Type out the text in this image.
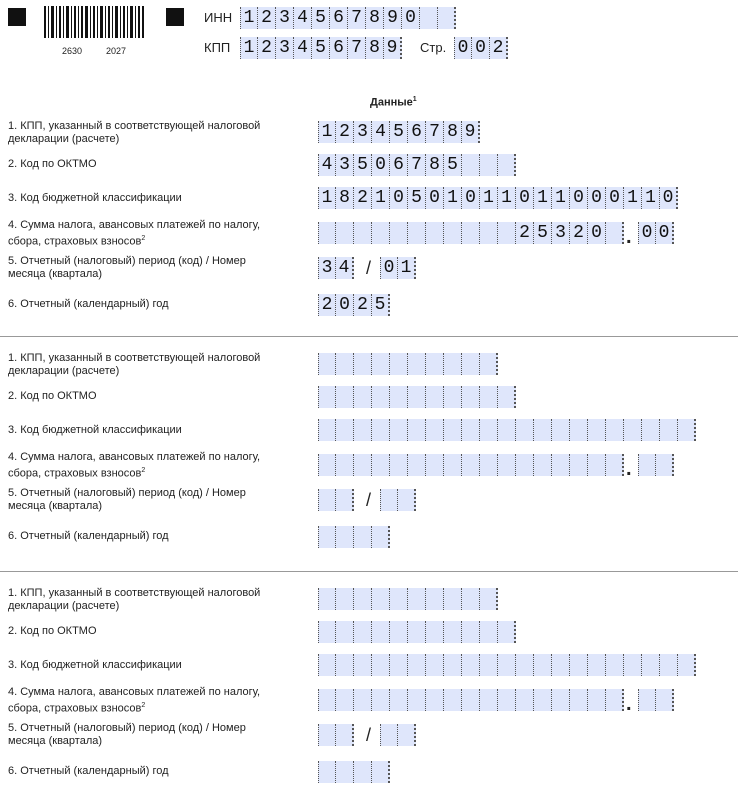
2630	2027
ИНН 1 2 3 4 5 6 7 8 9 0
КПП 1 2 3 4 5 6 7 8 9	Стр. 0 0 2
Данные$^1$
1. КПП, указанный в соответствующей налоговой декларации (расчете)
2. Код по ОКТМО
3. Код бюджетной классификации
4. Сумма налога, авансовых платежей по налогу, сбора, страховых взносов$^2$
5. Отчетный (налоговый) период (код) / Номер месяца (квартала)
6. Отчетный (календарный) год
1 2 3 4 5 6 7 8 9
4 3 5 0 6 7 8 5
1 8 2 1 0 5 0 1 0 1 1 0 1 1 0 0 0 1 1 0
2 5 3 2 0 . 0 0
3 4 / 0 1
2 0 2 5
1. КПП, указанный в соответствующей налоговой декларации (расчете)
2. Код по ОКТМО
3. Код бюджетной классификации
4. Сумма налога, авансовых платежей по налогу, сбора, страховых взносов$^2$
5. Отчетный (налоговый) период (код) / Номер месяца (квартала)
6. Отчетный (календарный) год
.
/
1. КПП, указанный в соответствующей налоговой декларации (расчете)
2. Код по ОКТМО
3. Код бюджетной классификации
4. Сумма налога, авансовых платежей по налогу, сбора, страховых взносов$^2$
5. Отчетный (налоговый) период (код) / Номер месяца (квартала)
6. Отчетный (календарный) год
.
/
